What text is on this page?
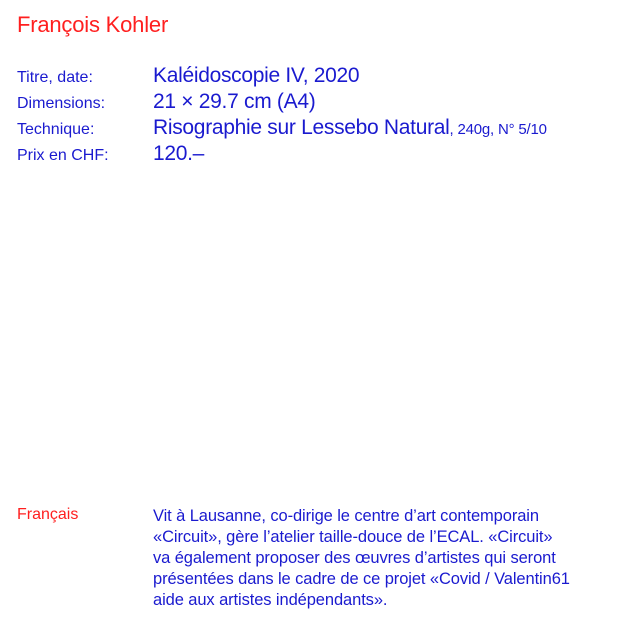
François Kohler
Titre, date:	Kaléidoscopie IV, 2020
Dimensions:	21 × 29.7 cm (A4)
Technique:	Risographie sur Lessebo Natural, 240g, N° 5/10
Prix en CHF:	120.–
Français	Vit à Lausanne, co-dirige le centre d’art contemporain
«Circuit», gère l’atelier taille-douce de l’ECAL. «Circuit»
va également proposer des œuvres d’artistes qui seront
présentées dans le cadre de ce projet «Covid / Valentin61
aide aux artistes indépendants».
